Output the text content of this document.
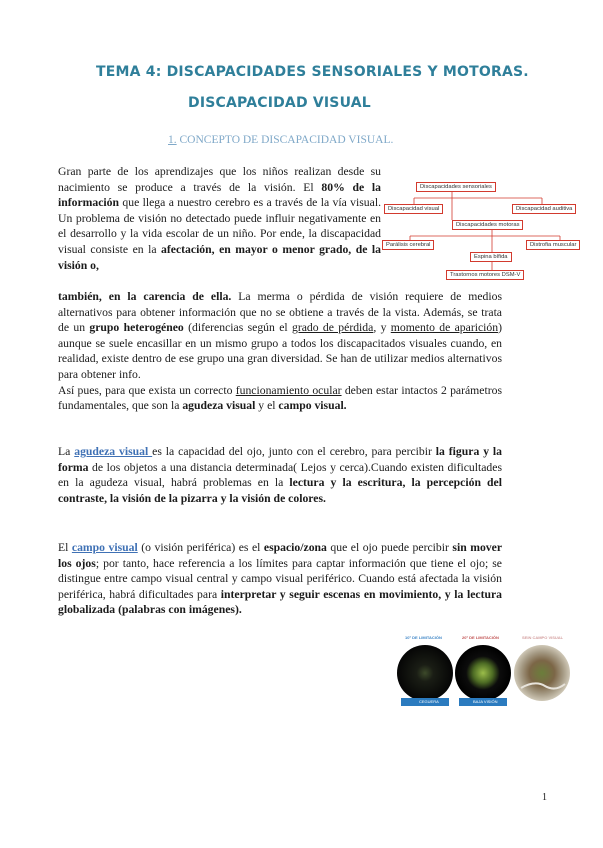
TEMA 4: DISCAPACIDADES SENSORIALES Y MOTORAS.
DISCAPACIDAD VISUAL
1. CONCEPTO DE DISCAPACIDAD VISUAL.

Gran parte de los aprendizajes que los niños realizan desde su nacimiento se produce a través de la visión. El 80% de la información que llega a nuestro cerebro es a través de la vía visual. Un problema de visión no detectado puede influir negativamente en el desarrollo y la vida escolar de un niño. Por ende, la discapacidad visual consiste en la afectación, en mayor o menor grado, de la visión o,

Discapacidades sensoriales
Discapacidad visual	Discapacidad auditiva
Discapacidades motoras
Parálisis cerebral
Espina bífida
Distrofia muscular
Trastornos motores DSM-V

también, en la carencia de ella. La merma o pérdida de visión requiere de medios alternativos para obtener información que no se obtiene a través de la vista. Además, se trata de un grupo heterogéneo (diferencias según el grado de pérdida, y momento de aparición) aunque se suele encasillar en un mismo grupo a todos los discapacitados visuales cuando, en realidad, existe dentro de ese grupo una gran diversidad. Se han de utilizar medios alternativos para obtener info.
Así pues, para que exista un correcto funcionamiento ocular deben estar intactos 2 parámetros fundamentales, que son la agudeza visual y el campo visual.

La agudeza visual es la capacidad del ojo, junto con el cerebro, para percibir la figura y la forma de los objetos a una distancia determinada( Lejos y cerca).Cuando existen dificultades en la agudeza visual, habrá problemas en la lectura y la escritura, la percepción del contraste, la visión de la pizarra y la visión de colores.

El campo visual (o visión periférica) es el espacio/zona que el ojo puede percibir sin mover los ojos; por tanto, hace referencia a los límites para captar información que tiene el ojo; se distingue entre campo visual central y campo visual periférico. Cuando está afectada la visión periférica, habrá dificultades para interpretar y seguir escenas en movimiento, y la lectura globalizada (palabras con imágenes).

10° DE LIMITACIÓN	20° DE LIMITACIÓN	SEIN CAMPO VISUAL
CEGUERA	BAJA VISIÓN

1
